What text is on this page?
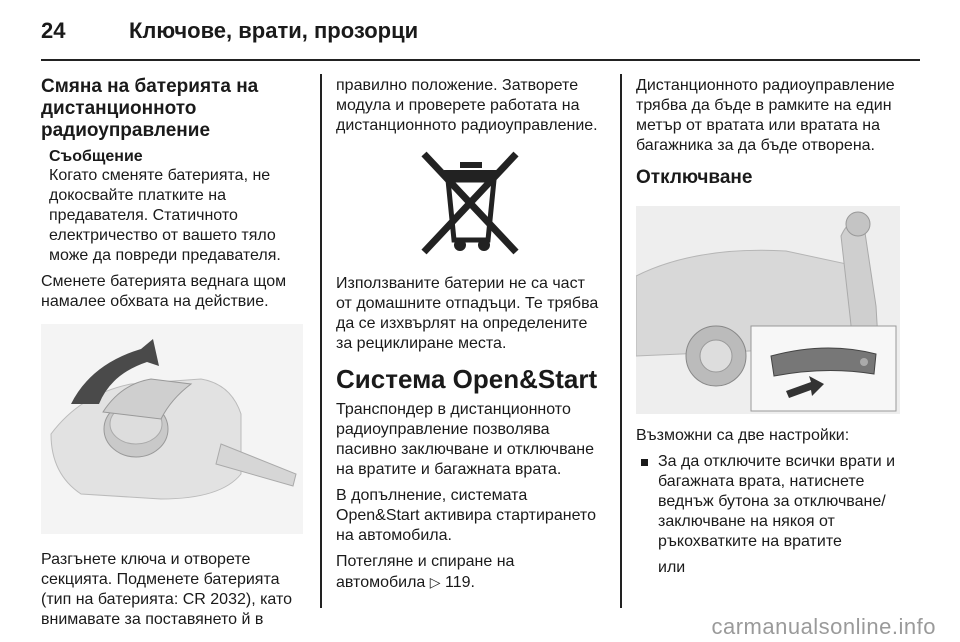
24	Ключове, врати, прозорци
Смяна на батерията на дистанционното радиоуправление
Съобщение

Когато сменяте батерията, не докосвайте платките на предавателя. Статичното електричество от вашето тяло може да повреди предавателя.

Сменете батерията веднага щом намалее обхвата на действие.

Разгънете ключа и отворете секцията. Подменете батерията (тип на батерията: CR 2032), като внимавате за поставянето й в

правилно положение. Затворете модула и проверете работата на дистанционното радиоуправление.

Използваните батерии не са част от домашните отпадъци. Те трябва да се изхвърлят на определените за рециклиране места.

Система Open&Start

Транспондер в дистанционното радиоуправление позволява пасивно заключване и отключване на вратите и багажната врата.

В допълнение, системата Open&Start активира стартирането на автомобила.

Потегляне и спиране на автомобила ▷ 119.

Дистанционното радиоуправление трябва да бъде в рамките на един метър от вратата или вратата на багажника за да бъде отворена.

Отключване

Възможни са две настройки:

За да отключите всички врати и багажната врата, натиснете веднъж бутона за отключване/заключване на някоя от ръкохватките на вратите
или
carmanualsonline.info
